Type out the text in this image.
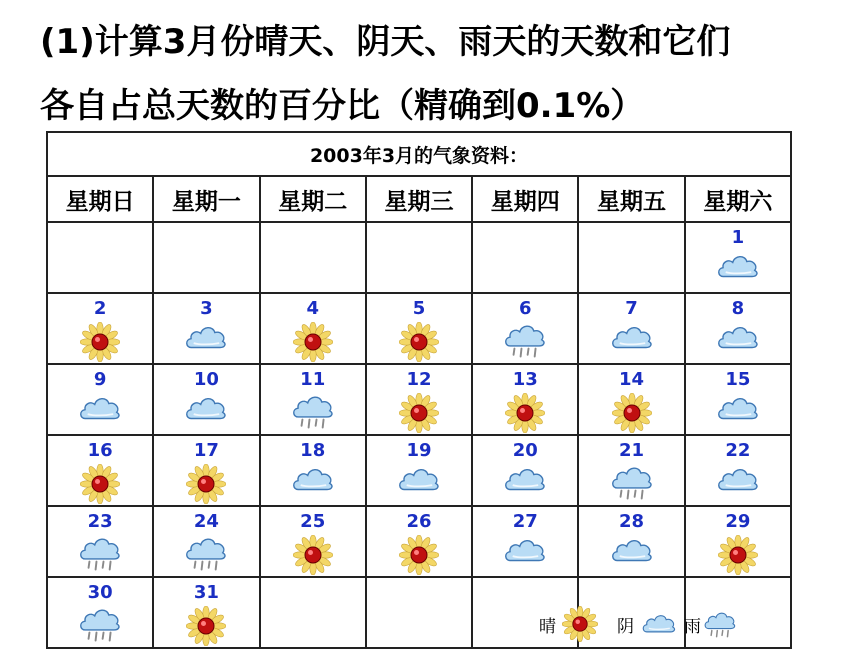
(1)计算3月份晴天、阴天、雨天的天数和它们
各自占总天数的百分比（精确到0.1%）
2003年3月的气象资料：						
星期日	星期一	星期二	星期三	星期四	星期五	星期六

						1

2	3	4	5	6	7	8

9	10	11	12	13	14	15

16	17	18	19	20	21	22

23	24	25	26	27	28	29

30	31					

晴	阴	雨
